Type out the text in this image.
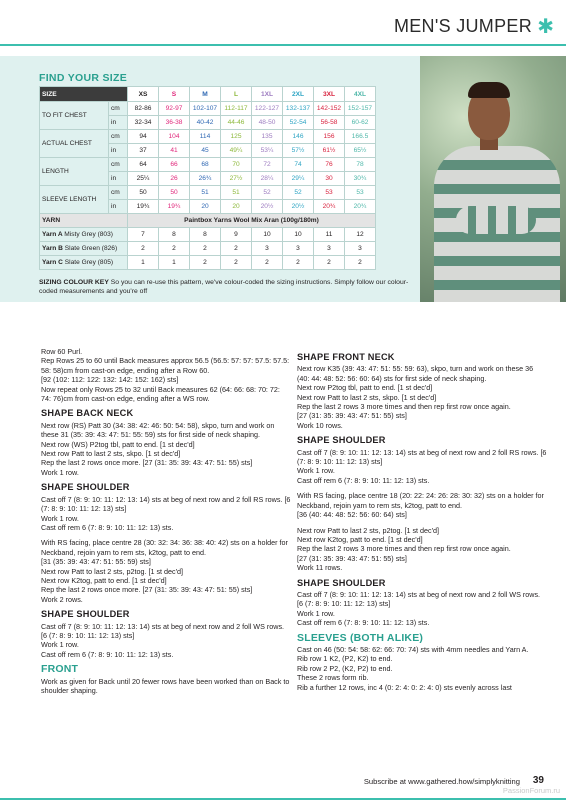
MEN'S JUMPER ✱
FIND YOUR SIZE
SIZE		XS	S	M	L	1XL	2XL	3XL	4XL
TO FIT CHEST	cm	82-86	92-97	102-107	112-117	122-127	132-137	142-152	152-157
	in	32-34	36-38	40-42	44-46	48-50	52-54	56-58	60-62
ACTUAL CHEST	cm	94	104	114	125	135	146	156	166.5
	in	37	41	45	49¼	53¼	57½	61½	65½
LENGTH	cm	64	66	68	70	72	74	76	78
	in	25¼	26	26¾	27½	28¼	29¼	30	30¾
SLEEVE LENGTH	cm	50	50	51	51	52	52	53	53
	in	19¾	19¾	20	20	20½	20½	20¾	20¾
YARN		Paintbox Yarns Wool Mix Aran (100g/180m)							
Yarn A Misty Grey (803)		7	8	8	9	10	10	11	12
Yarn B Slate Green (826)		2	2	2	2	3	3	3	3
Yarn C Slate Grey (805)		1	1	2	2	2	2	2	2
SIZING COLOUR KEY So you can re-use this pattern, we've colour-coded the sizing instructions. Simply follow our colour-coded measurements and you're off

Row 60 Purl.

Rep Rows 25 to 60 until Back measures approx 56.5 (56.5: 57: 57: 57.5: 57.5: 58: 58)cm from cast-on edge, ending after a Row 60.

[92 (102: 112: 122: 132: 142: 152: 162) sts]

Now repeat only Rows 25 to 32 until Back measures 62 (64: 66: 68: 70: 72: 74: 76)cm from cast-on edge, ending after a WS row.

SHAPE BACK NECK

Next row (RS) Patt 30 (34: 38: 42: 46: 50: 54: 58), skpo, turn and work on these 31 (35: 39: 43: 47: 51: 55: 59) sts for first side of neck shaping.

Next row (WS) P2tog tbl, patt to end. [1 st dec'd]

Next row Patt to last 2 sts, skpo. [1 st dec'd]

Rep the last 2 rows once more. [27 (31: 35: 39: 43: 47: 51: 55) sts]

Work 1 row.

SHAPE SHOULDER

Cast off 7 (8: 9: 10: 11: 12: 13: 14) sts at beg of next row and 2 foll RS rows. [6 (7: 8: 9: 10: 11: 12: 13) sts]

Work 1 row.

Cast off rem 6 (7: 8: 9: 10: 11: 12: 13) sts.

With RS facing, place centre 28 (30: 32: 34: 36: 38: 40: 42) sts on a holder for Neckband, rejoin yarn to rem sts, k2tog, patt to end.

[31 (35: 39: 43: 47: 51: 55: 59) sts]

Next row Patt to last 2 sts, p2tog. [1 st dec'd]

Next row K2tog, patt to end. [1 st dec'd]

Rep the last 2 rows once more. [27 (31: 35: 39: 43: 47: 51: 55) sts]

Work 2 rows.

SHAPE SHOULDER

Cast off 7 (8: 9: 10: 11: 12: 13: 14) sts at beg of next row and 2 foll WS rows. [6 (7: 8: 9: 10: 11: 12: 13) sts]

Work 1 row.

Cast off rem 6 (7: 8: 9: 10: 11: 12: 13) sts.

FRONT

Work as given for Back until 20 fewer rows have been worked than on Back to shoulder shaping.

SHAPE FRONT NECK

Next row K35 (39: 43: 47: 51: 55: 59: 63), skpo, turn and work on these 36 (40: 44: 48: 52: 56: 60: 64) sts for first side of neck shaping.

Next row P2tog tbl, patt to end. [1 st dec'd]

Next row Patt to last 2 sts, skpo. [1 st dec'd]

Rep the last 2 rows 3 more times and then rep first row once again.

[27 (31: 35: 39: 43: 47: 51: 55) sts]

Work 10 rows.

SHAPE SHOULDER

Cast off 7 (8: 9: 10: 11: 12: 13: 14) sts at beg of next row and 2 foll RS rows. [6 (7: 8: 9: 10: 11: 12: 13) sts]

Work 1 row.

Cast off rem 6 (7: 8: 9: 10: 11: 12: 13) sts.

With RS facing, place centre 18 (20: 22: 24: 26: 28: 30: 32) sts on a holder for Neckband, rejoin yarn to rem sts, k2tog, patt to end.

[36 (40: 44: 48: 52: 56: 60: 64) sts]

Next row Patt to last 2 sts, p2tog. [1 st dec'd]

Next row K2tog, patt to end. [1 st dec'd]

Rep the last 2 rows 3 more times and then rep first row once again.

[27 (31: 35: 39: 43: 47: 51: 55) sts]

Work 11 rows.

SHAPE SHOULDER

Cast off 7 (8: 9: 10: 11: 12: 13: 14) sts at beg of next row and 2 foll WS rows. [6 (7: 8: 9: 10: 11: 12: 13) sts]

Work 1 row.

Cast off rem 6 (7: 8: 9: 10: 11: 12: 13) sts.

SLEEVES (BOTH ALIKE)

Cast on 46 (50: 54: 58: 62: 66: 70: 74) sts with 4mm needles and Yarn A.

Rib row 1 K2, (P2, K2) to end.

Rib row 2 P2, (K2, P2) to end.

These 2 rows form rib.

Rib a further 12 rows, inc 4 (0: 2: 4: 0: 2: 4: 0) sts evenly across last

Subscribe at www.gathered.how/simplyknitting 39
PassionForum.ru
